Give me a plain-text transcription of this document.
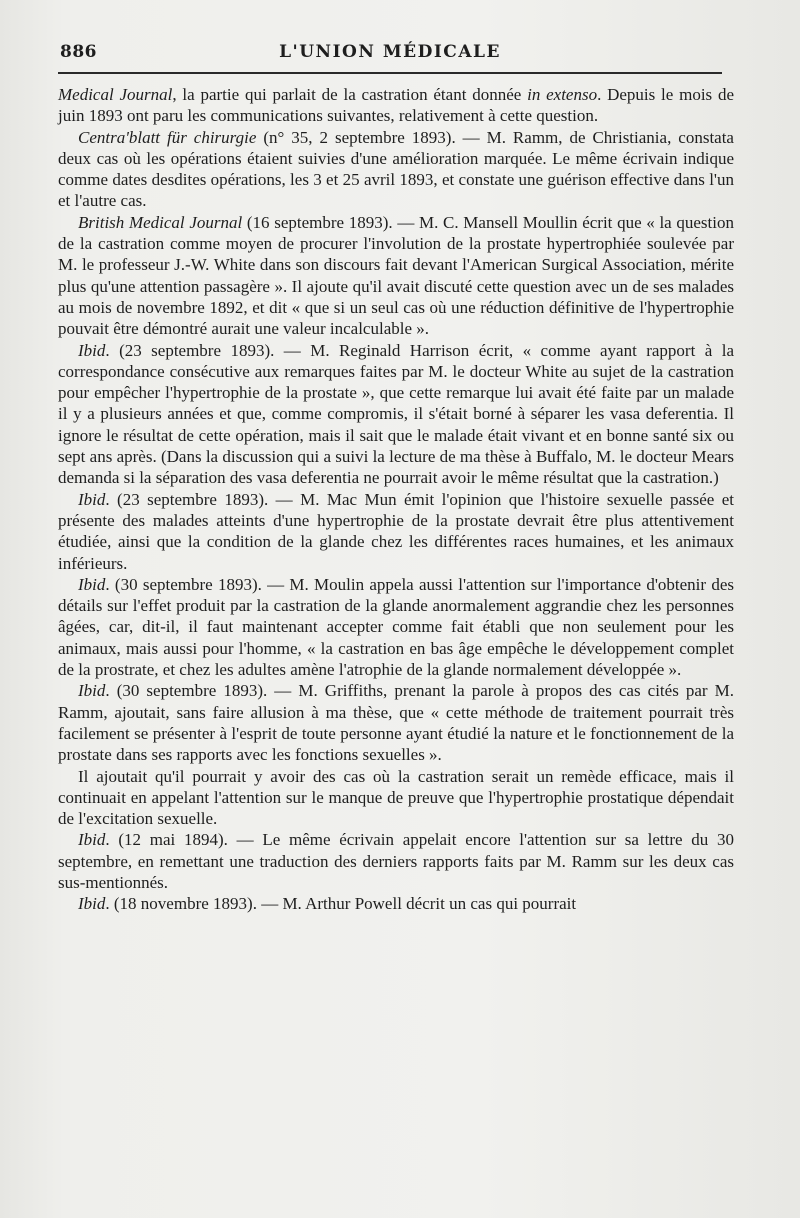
886	L'UNION MÉDICALE

Medical Journal, la partie qui parlait de la castration étant donnée in extenso. Depuis le mois de juin 1893 ont paru les communications suivantes, relativement à cette question.

Centra'blatt für chirurgie (n° 35, 2 septembre 1893). — M. Ramm, de Christiania, constata deux cas où les opérations étaient suivies d'une amélioration marquée. Le même écrivain indique comme dates desdites opérations, les 3 et 25 avril 1893, et constate une guérison effective dans l'un et l'autre cas.

British Medical Journal (16 septembre 1893). — M. C. Mansell Moullin écrit que « la question de la castration comme moyen de procurer l'involution de la prostate hypertrophiée soulevée par M. le professeur J.-W. White dans son discours fait devant l'American Surgical Association, mérite plus qu'une attention passagère ». Il ajoute qu'il avait discuté cette question avec un de ses malades au mois de novembre 1892, et dit « que si un seul cas où une réduction définitive de l'hypertrophie pouvait être démontré aurait une valeur incalculable ».

Ibid. (23 septembre 1893). — M. Reginald Harrison écrit, « comme ayant rapport à la correspondance consécutive aux remarques faites par M. le docteur White au sujet de la castration pour empêcher l'hypertrophie de la prostate », que cette remarque lui avait été faite par un malade il y a plusieurs années et que, comme compromis, il s'était borné à séparer les vasa deferentia. Il ignore le résultat de cette opération, mais il sait que le malade était vivant et en bonne santé six ou sept ans après. (Dans la discussion qui a suivi la lecture de ma thèse à Buffalo, M. le docteur Mears demanda si la séparation des vasa deferentia ne pourrait avoir le même résultat que la castration.)

Ibid. (23 septembre 1893). — M. Mac Mun émit l'opinion que l'histoire sexuelle passée et présente des malades atteints d'une hypertrophie de la prostate devrait être plus attentivement étudiée, ainsi que la condition de la glande chez les différentes races humaines, et les animaux inférieurs.

Ibid. (30 septembre 1893). — M. Moulin appela aussi l'attention sur l'importance d'obtenir des détails sur l'effet produit par la castration de la glande anormalement aggrandie chez les personnes âgées, car, dit-il, il faut maintenant accepter comme fait établi que non seulement pour les animaux, mais aussi pour l'homme, « la castration en bas âge empêche le développement complet de la prostrate, et chez les adultes amène l'atrophie de la glande normalement développée ».

Ibid. (30 septembre 1893). — M. Griffiths, prenant la parole à propos des cas cités par M. Ramm, ajoutait, sans faire allusion à ma thèse, que « cette méthode de traitement pourrait très facilement se présenter à l'esprit de toute personne ayant étudié la nature et le fonctionnement de la prostate dans ses rapports avec les fonctions sexuelles ».

Il ajoutait qu'il pourrait y avoir des cas où la castration serait un remède efficace, mais il continuait en appelant l'attention sur le manque de preuve que l'hypertrophie prostatique dépendait de l'excitation sexuelle.

Ibid. (12 mai 1894). — Le même écrivain appelait encore l'attention sur sa lettre du 30 septembre, en remettant une traduction des derniers rapports faits par M. Ramm sur les deux cas sus-mentionnés.

Ibid. (18 novembre 1893). — M. Arthur Powell décrit un cas qui pourrait
